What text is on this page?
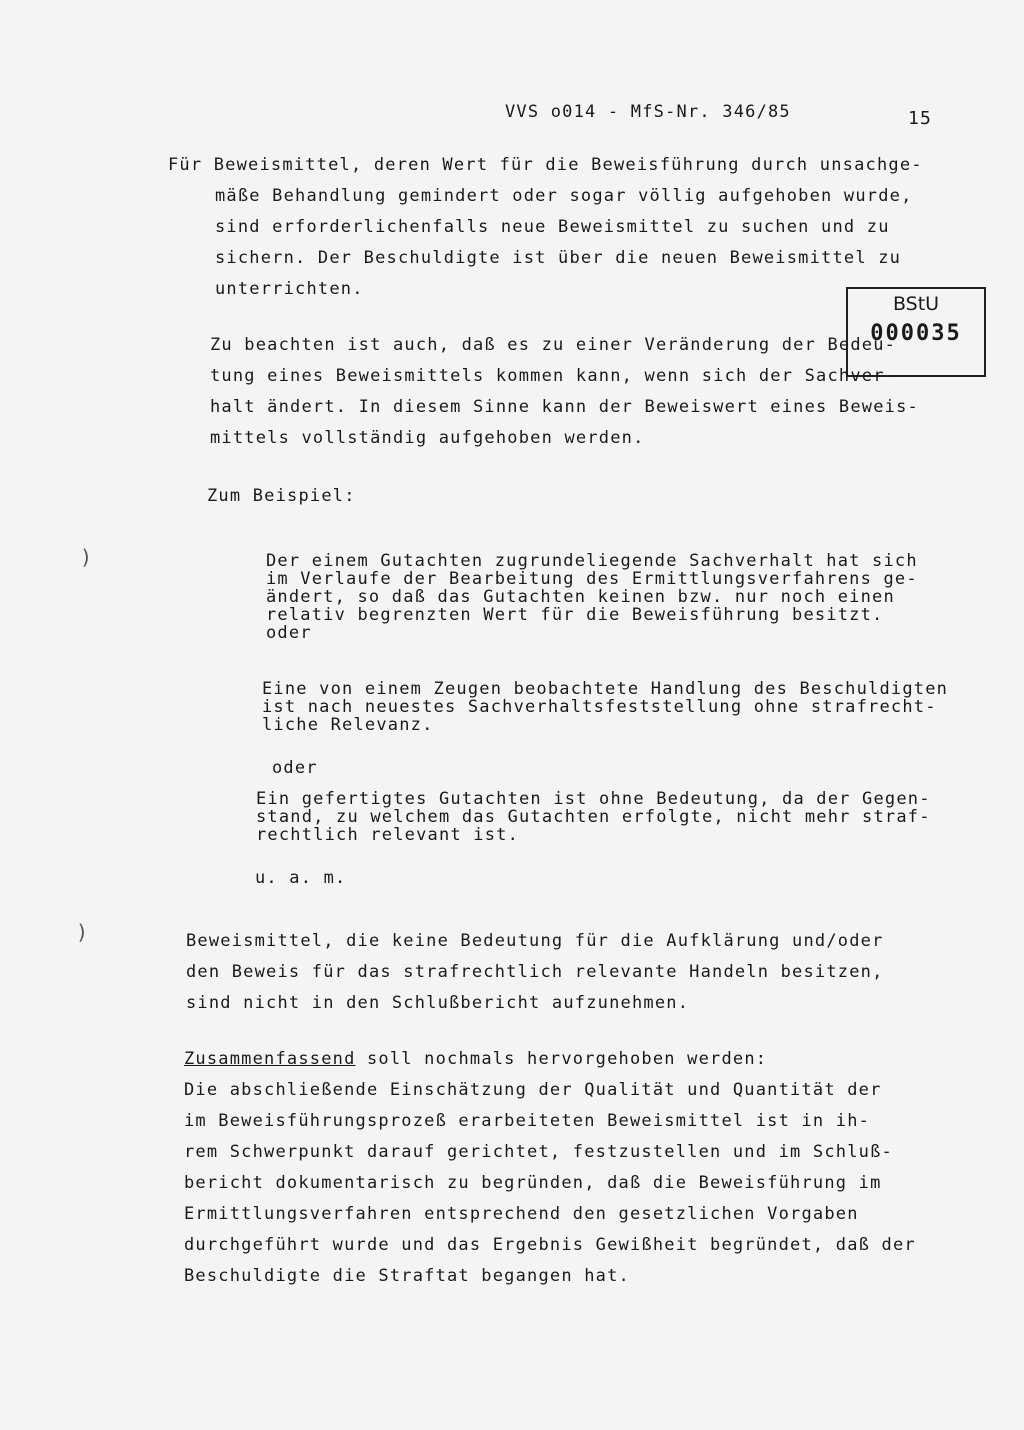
VVS o014 - MfS-Nr. 346/85	15
BStU
000035
Für Beweismittel, deren Wert für die Beweisführung durch unsachge-
mäße Behandlung gemindert oder sogar völlig aufgehoben wurde,
sind erforderlichenfalls neue Beweismittel zu suchen und zu
sichern. Der Beschuldigte ist über die neuen Beweismittel zu
unterrichten.
Zu beachten ist auch, daß es zu einer Veränderung der Bedeu-
tung eines Beweismittels kommen kann, wenn sich der Sachver-
halt ändert. In diesem Sinne kann der Beweiswert eines Beweis-
mittels vollständig aufgehoben werden.
Zum Beispiel:
)	Der einem Gutachten zugrundeliegende Sachverhalt hat sich
im Verlaufe der Bearbeitung des Ermittlungsverfahrens ge-
ändert, so daß das Gutachten keinen bzw. nur noch einen
relativ begrenzten Wert für die Beweisführung besitzt.
oder
Eine von einem Zeugen beobachtete Handlung des Beschuldigten
ist nach neuestes Sachverhaltsfeststellung ohne strafrecht-
liche Relevanz.
oder
Ein gefertigtes Gutachten ist ohne Bedeutung, da der Gegen-
stand, zu welchem das Gutachten erfolgte, nicht mehr straf-
rechtlich relevant ist.
u. a. m.
)	Beweismittel, die keine Bedeutung für die Aufklärung und/oder
den Beweis für das strafrechtlich relevante Handeln besitzen,
sind nicht in den Schlußbericht aufzunehmen.
Zusammenfassend soll nochmals hervorgehoben werden:
Die abschließende Einschätzung der Qualität und Quantität der
im Beweisführungsprozeß erarbeiteten Beweismittel ist in ih-
rem Schwerpunkt darauf gerichtet, festzustellen und im Schluß-
bericht dokumentarisch zu begründen, daß die Beweisführung im
Ermittlungsverfahren entsprechend den gesetzlichen Vorgaben
durchgeführt wurde und das Ergebnis Gewißheit begründet, daß der
Beschuldigte die Straftat begangen hat.
